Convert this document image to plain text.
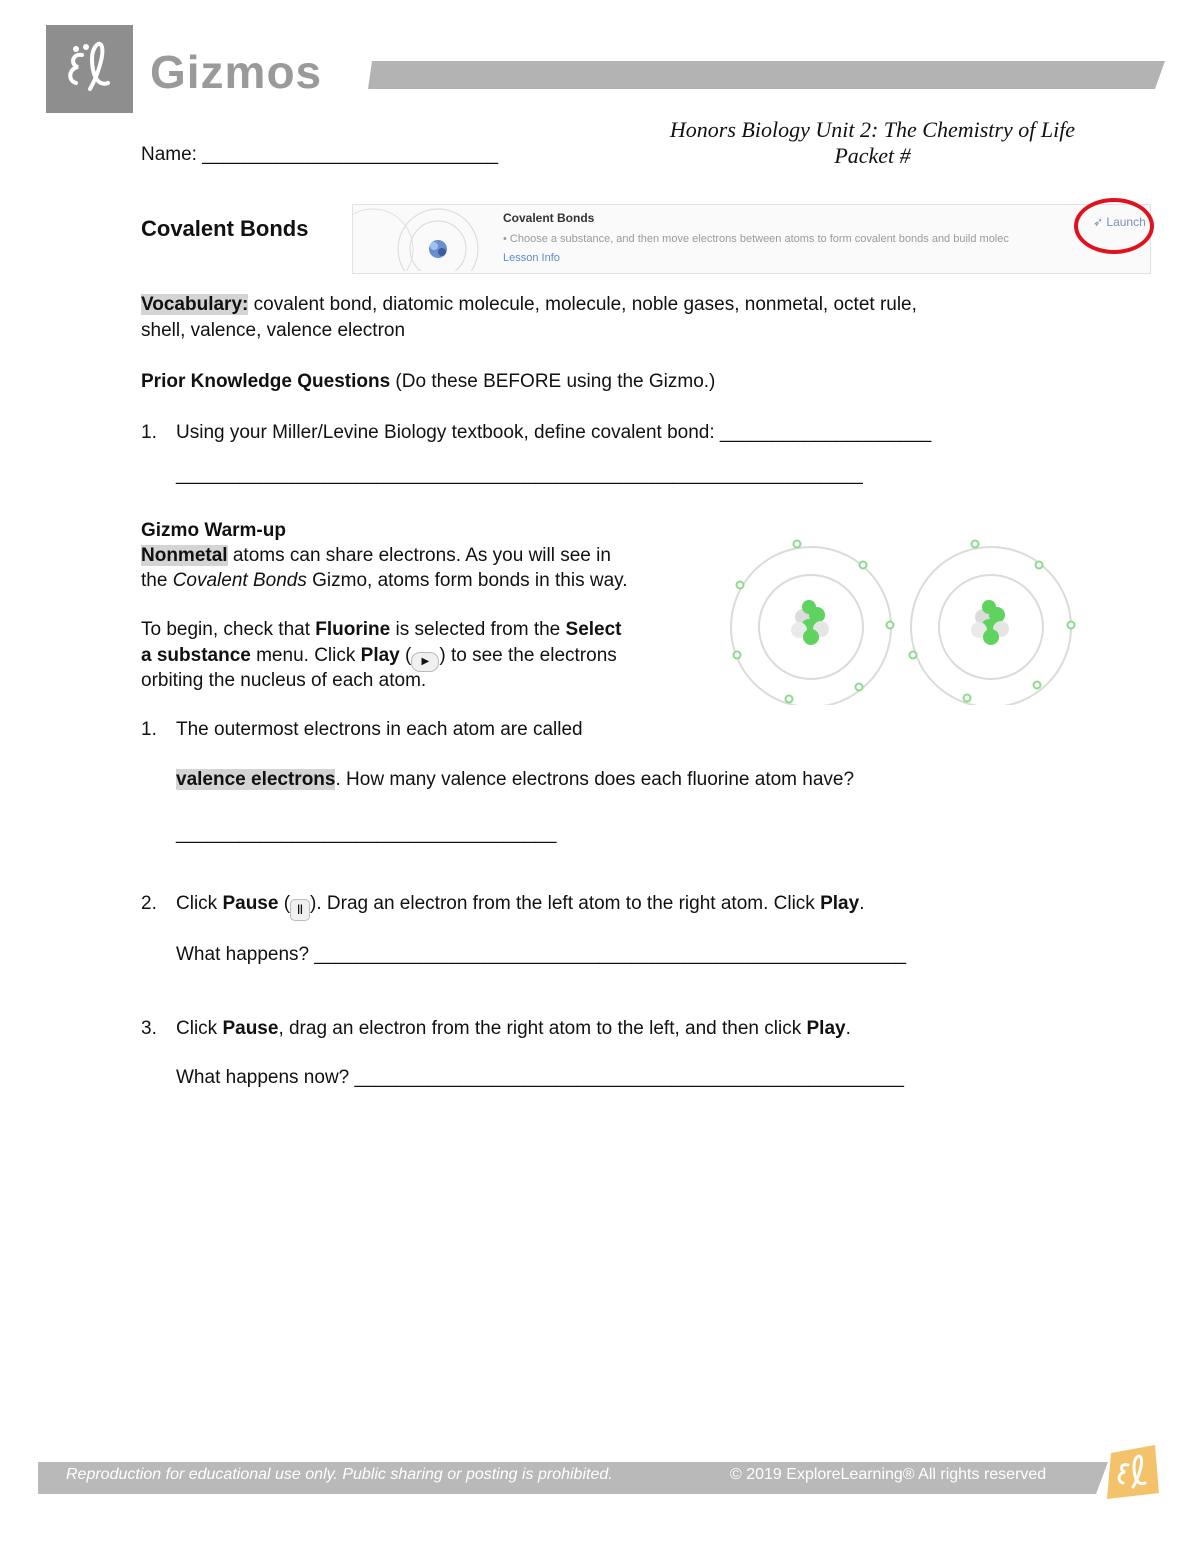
Gizmos
Honors Biology Unit 2: The Chemistry of Life
Packet #
Name: ____________________________
Covalent Bonds	Covalent Bonds
• Choose a substance, and then move electrons between atoms to form covalent bonds and build molec
Lesson Info
➶ Launch
Vocabulary: covalent bond, diatomic molecule, molecule, noble gases, nonmetal, octet rule,
shell, valence, valence electron
Prior Knowledge Questions (Do these BEFORE using the Gizmo.)
1. Using your Miller/Levine Biology textbook, define covalent bond: ____________________
_________________________________________________________________
Gizmo Warm-up
Nonmetal atoms can share electrons. As you will see in
the Covalent Bonds Gizmo, atoms form bonds in this way.
To begin, check that Fluorine is selected from the Select
a substance menu. Click Play ( ▶ ) to see the electrons
orbiting the nucleus of each atom.
1. The outermost electrons in each atom are called
valence electrons. How many valence electrons does each fluorine atom have?
____________________________________
2. Click Pause ( || ). Drag an electron from the left atom to the right atom. Click Play.
What happens? ________________________________________________________
3. Click Pause, drag an electron from the right atom to the left, and then click Play.
What happens now? ____________________________________________________
Reproduction for educational use only. Public sharing or posting is prohibited.	© 2019 ExploreLearning® All rights reserved
